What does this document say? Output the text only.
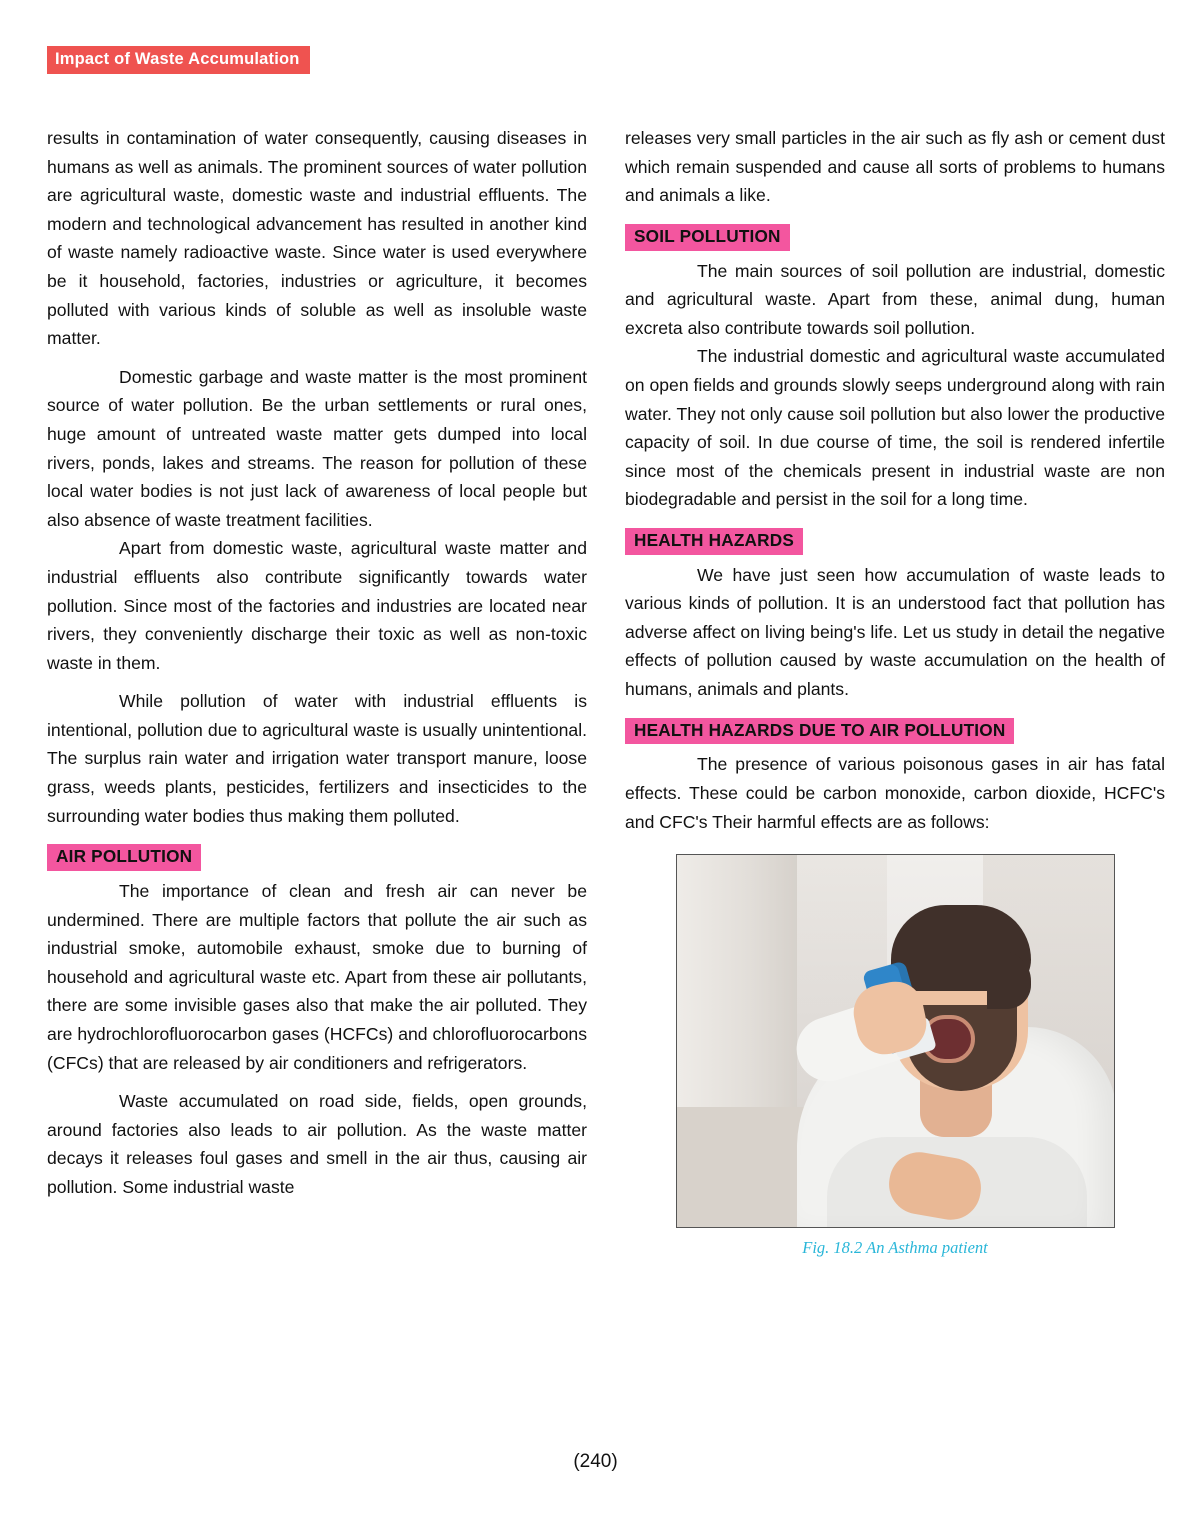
Impact of Waste Accumulation

results in contamination of water consequently, causing diseases in humans as well as animals. The prominent sources of water pollution are agricultural waste, domestic waste and industrial effluents. The modern and technological advancement has resulted in another kind of waste namely radioactive waste. Since water is used everywhere be it household, factories, industries or agriculture, it becomes polluted with various kinds of soluble as well as insoluble waste matter.

Domestic garbage and waste matter is the most prominent source of water pollution. Be the urban settlements or rural ones, huge amount of untreated waste matter gets dumped into local rivers, ponds, lakes and streams. The reason for pollution of these local water bodies is not just lack of awareness of local people but also absence of waste treatment facilities.

Apart from domestic waste, agricultural waste matter and industrial effluents also contribute significantly towards water pollution. Since most of the factories and industries are located near rivers, they conveniently discharge their toxic as well as non-toxic waste in them.

While pollution of water with industrial effluents is intentional, pollution due to agricultural waste is usually unintentional. The surplus rain water and irrigation water transport manure, loose grass, weeds plants, pesticides, fertilizers and insecticides to the surrounding water bodies thus making them polluted.

AIR POLLUTION

The importance of clean and fresh air can never be undermined. There are multiple factors that pollute the air such as industrial smoke, automobile exhaust, smoke due to burning of household and agricultural waste etc. Apart from these air pollutants, there are some invisible gases also that make the air polluted. They are hydrochlorofluorocarbon gases (HCFCs) and chlorofluorocarbons (CFCs) that are released by air conditioners and refrigerators.

Waste accumulated on road side, fields, open grounds, around factories also leads to air pollution. As the waste matter decays it releases foul gases and smell in the air thus, causing air pollution. Some industrial waste

releases very small particles in the air such as fly ash or cement dust which remain suspended and cause all sorts of problems to humans and animals a like.

SOIL POLLUTION

The main sources of soil pollution are industrial, domestic and agricultural waste. Apart from these, animal dung, human excreta also contribute towards soil pollution.

The industrial domestic and agricultural waste accumulated on open fields and grounds slowly seeps underground along with rain water. They not only cause soil pollution but also lower the productive capacity of soil. In due course of time, the soil is rendered infertile since most of the chemicals present in industrial waste are non biodegradable and persist in the soil for a long time.

HEALTH HAZARDS

We have just seen how accumulation of waste leads to various kinds of pollution. It is an understood fact that pollution has adverse affect on living being's life. Let us study in detail the negative effects of pollution caused by waste accumulation on the health of humans, animals and plants.

HEALTH HAZARDS DUE TO AIR POLLUTION

The presence of various poisonous gases in air has fatal effects. These could be carbon monoxide, carbon dioxide, HCFC's and CFC's Their harmful effects are as follows:

Fig. 18.2 An Asthma patient
(240)
